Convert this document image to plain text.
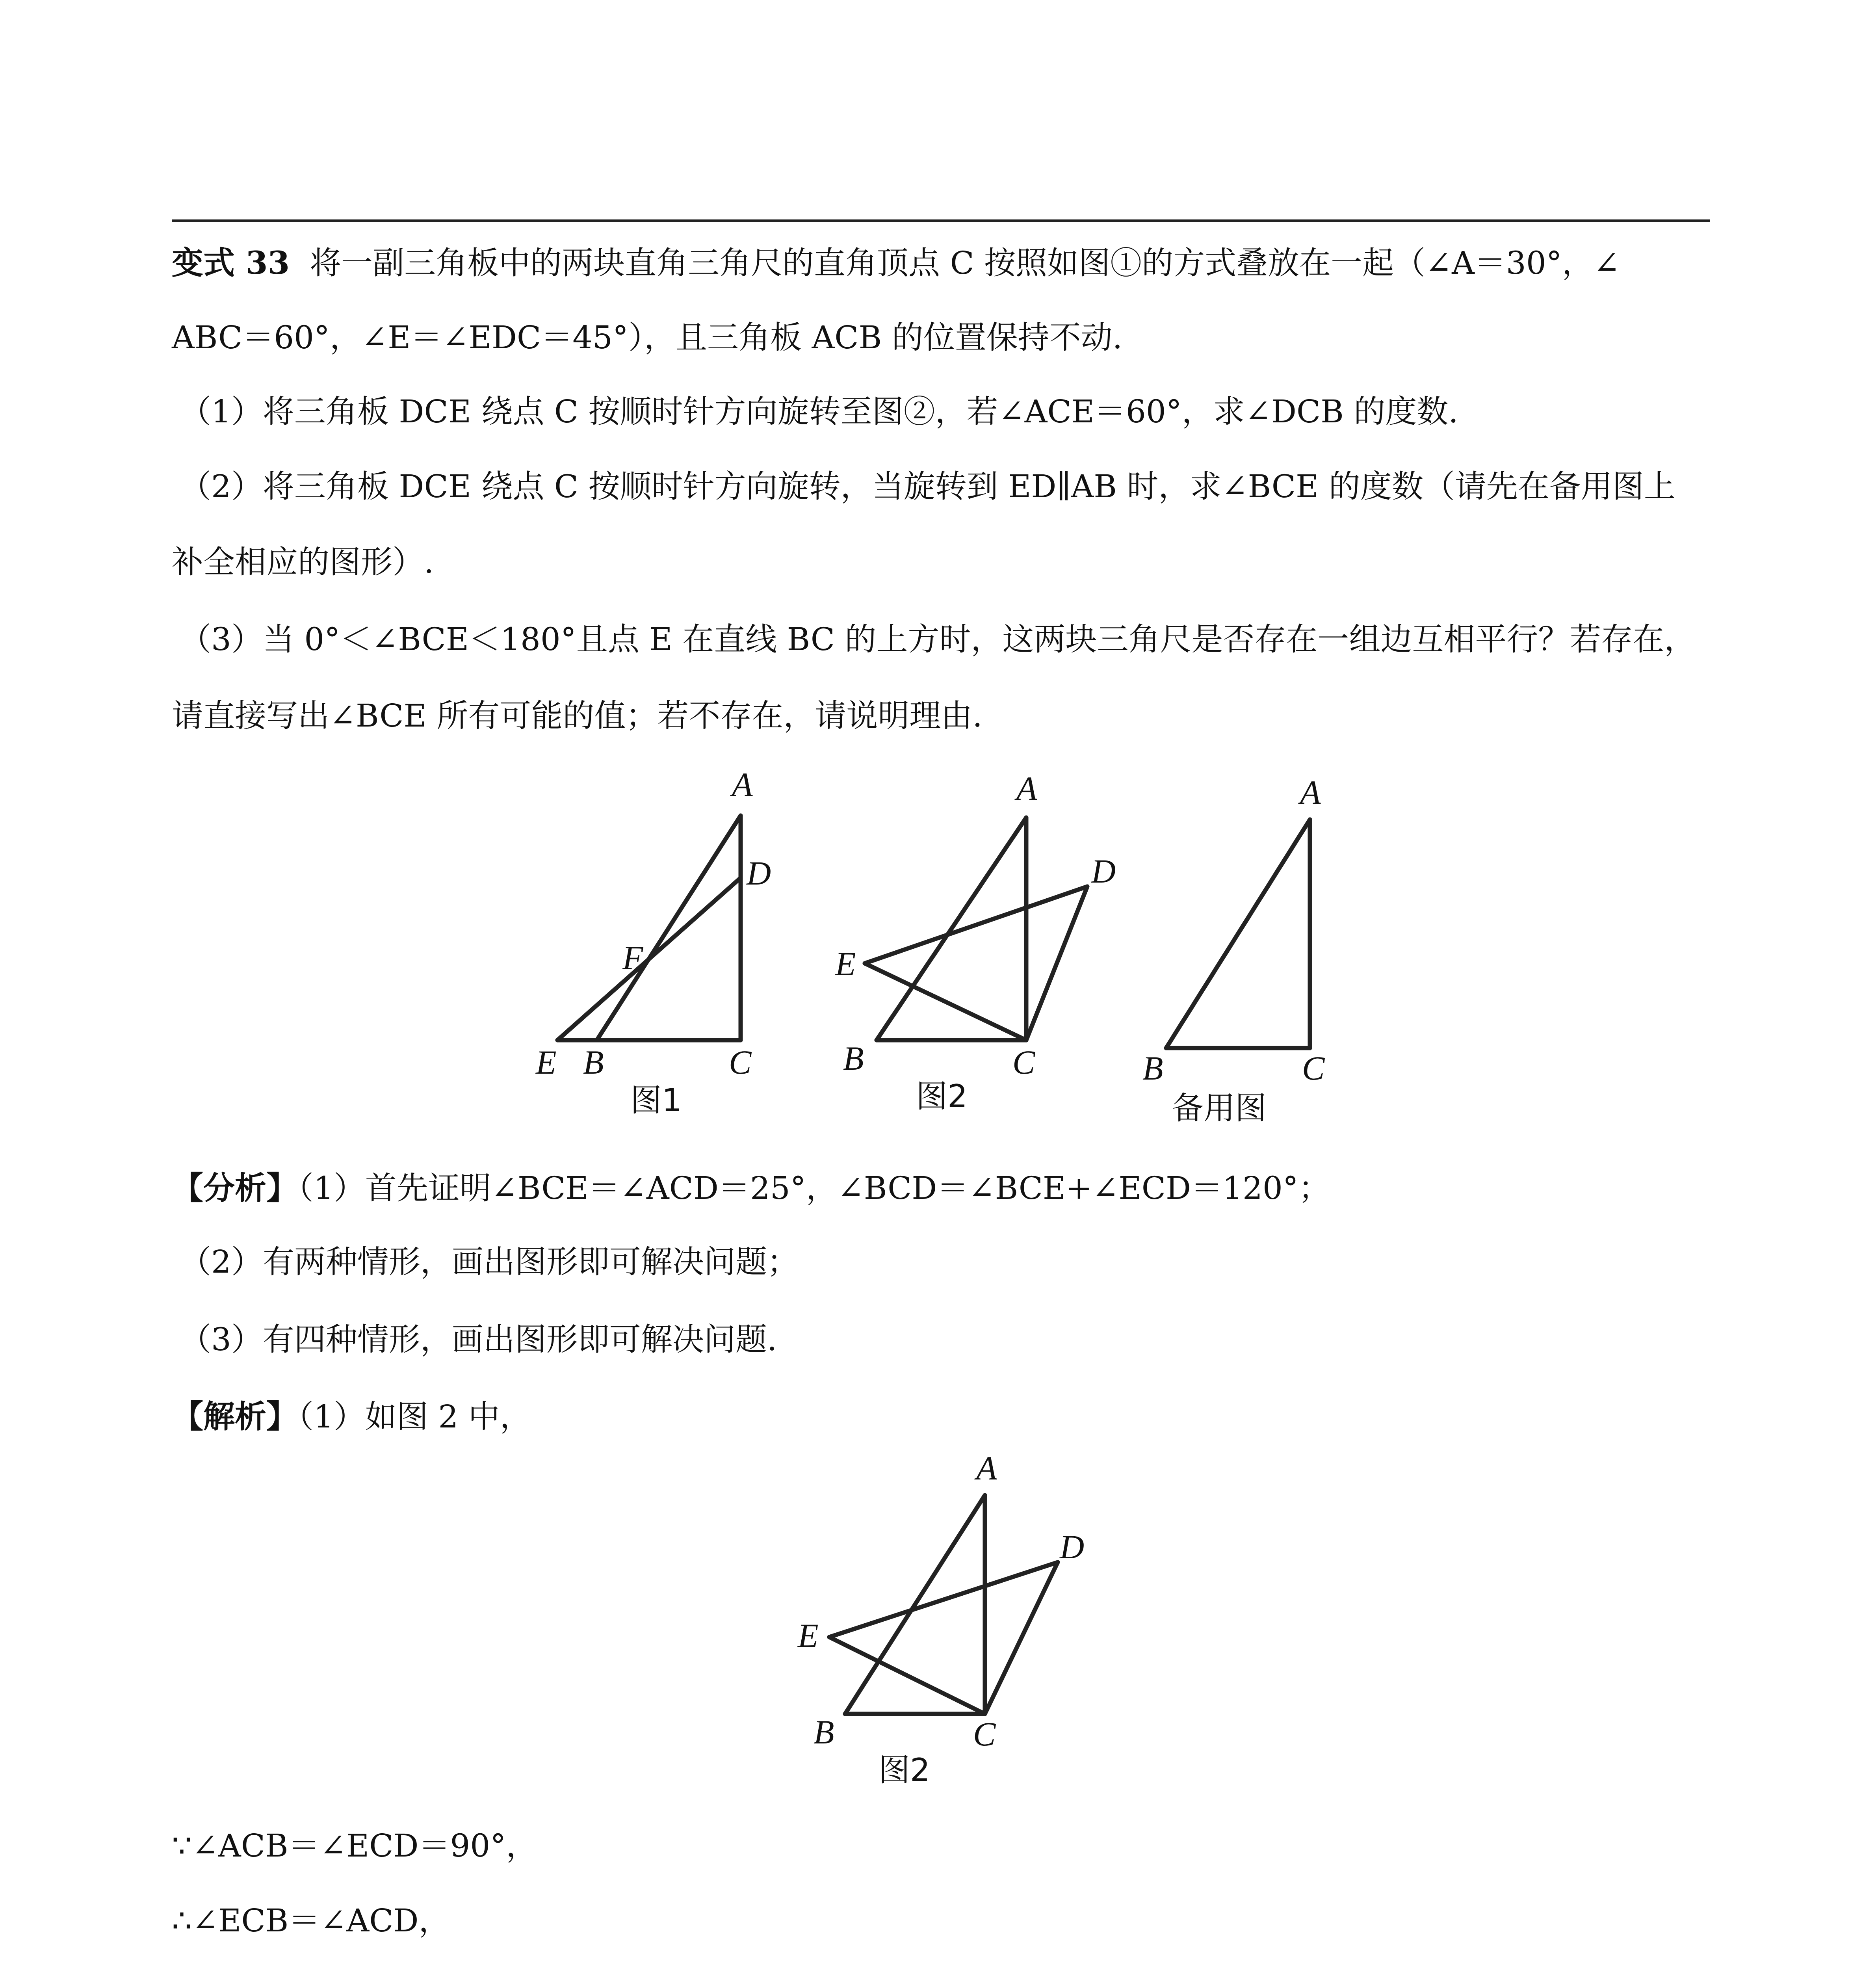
变式 33 将一副三角板中的两块直角三角尺的直角顶点 C 按照如图①的方式叠放在一起（∠A＝30°，∠
ABC＝60°，∠E＝∠EDC＝45°），且三角板 ACB 的位置保持不动.
（1）将三角板 DCE 绕点 C 按顺时针方向旋转至图②，若∠ACE＝60°，求∠DCB 的度数.
（2）将三角板 DCE 绕点 C 按顺时针方向旋转，当旋转到 ED∥AB 时，求∠BCE 的度数（请先在备用图上
补全相应的图形）.
（3）当 0°＜∠BCE＜180°且点 E 在直线 BC 的上方时，这两块三角尺是否存在一组边互相平行？若存在，
请直接写出∠BCE 所有可能的值；若不存在，请说明理由.
A
D
F
E B	C
图1
A
D
E
B	C
图2
A
B	C
备用图
【分析】（1）首先证明∠BCE＝∠ACD＝25°，∠BCD＝∠BCE+∠ECD＝120°；
（2）有两种情形，画出图形即可解决问题；
（3）有四种情形，画出图形即可解决问题.
【解析】（1）如图 2 中，
A
D
E
B	C
图2
∵∠ACB＝∠ECD＝90°，
∴∠ECB＝∠ACD，
